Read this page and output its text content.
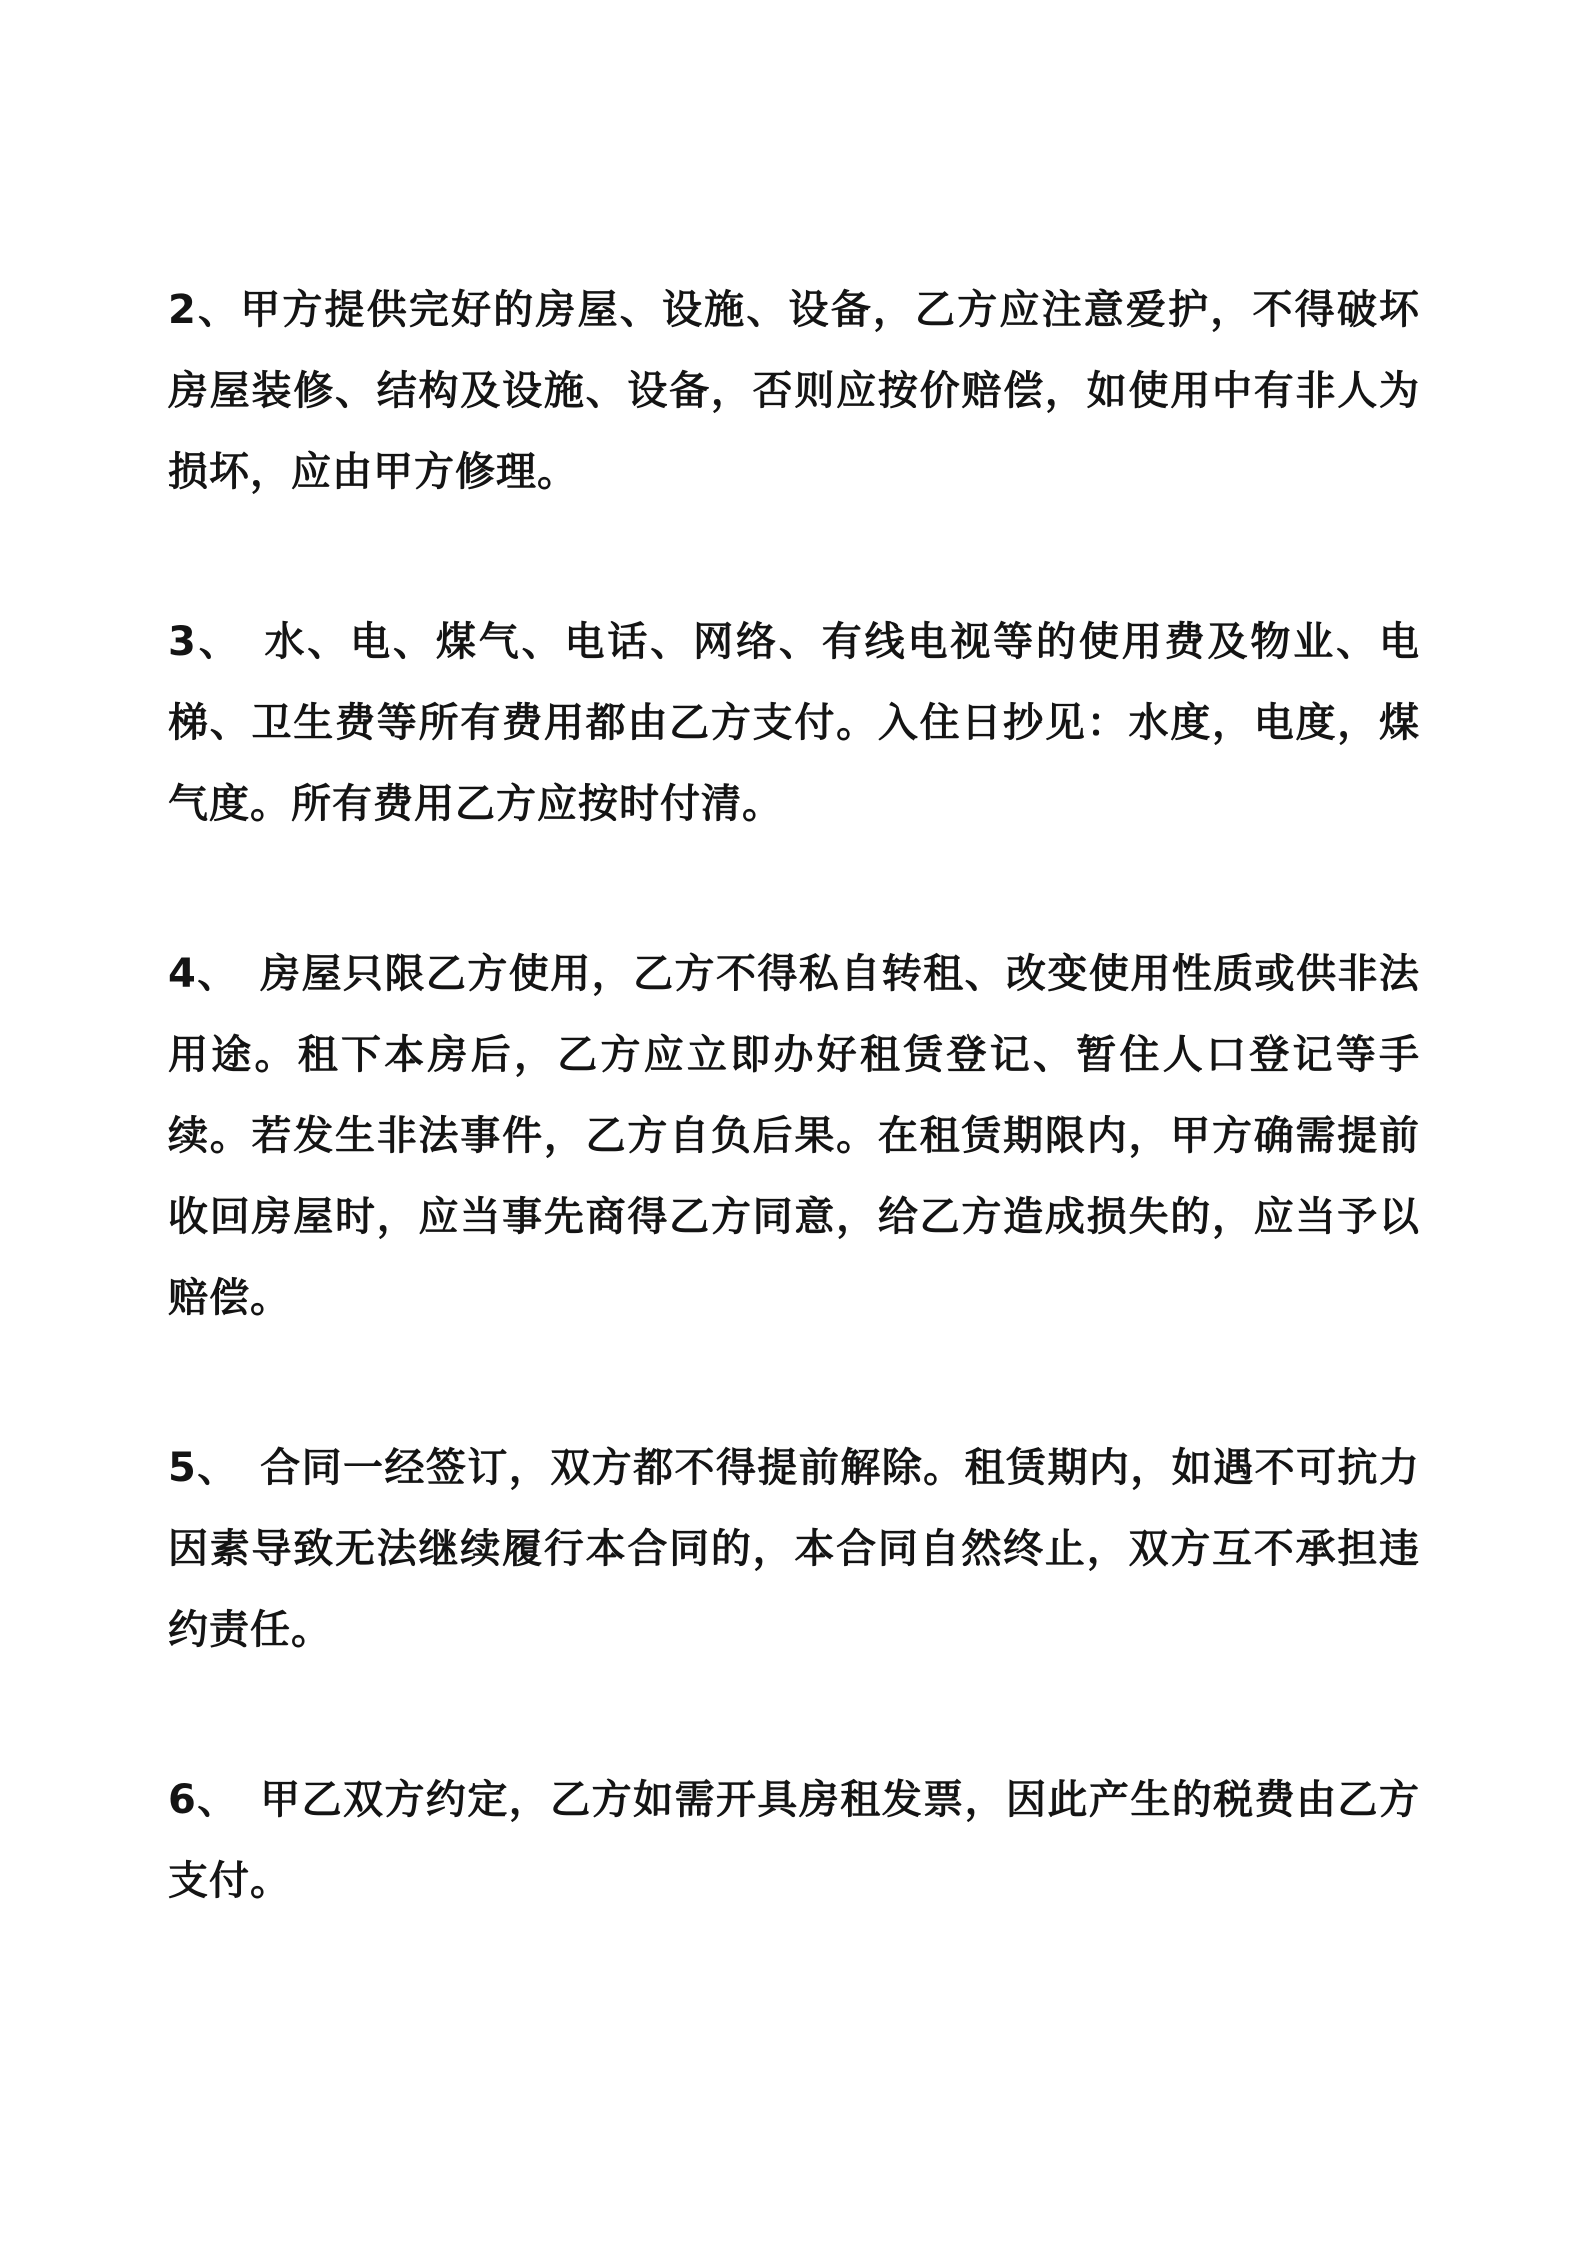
2、甲方提供完好的房屋、设施、设备，乙方应注意爱护，不得破坏房屋装修、结构及设施、设备，否则应按价赔偿，如使用中有非人为损坏，应由甲方修理。

3、　水、电、煤气、电话、网络、有线电视等的使用费及物业、电梯、卫生费等所有费用都由乙方支付。入住日抄见：水度，电度，煤气度。所有费用乙方应按时付清。

4、　房屋只限乙方使用，乙方不得私自转租、改变使用性质或供非法用途。租下本房后，乙方应立即办好租赁登记、暂住人口登记等手续。若发生非法事件，乙方自负后果。在租赁期限内，甲方确需提前收回房屋时，应当事先商得乙方同意，给乙方造成损失的，应当予以赔偿。

5、　合同一经签订，双方都不得提前解除。租赁期内，如遇不可抗力因素导致无法继续履行本合同的，本合同自然终止，双方互不承担违约责任。

6、　甲乙双方约定，乙方如需开具房租发票，因此产生的税费由乙方支付。
